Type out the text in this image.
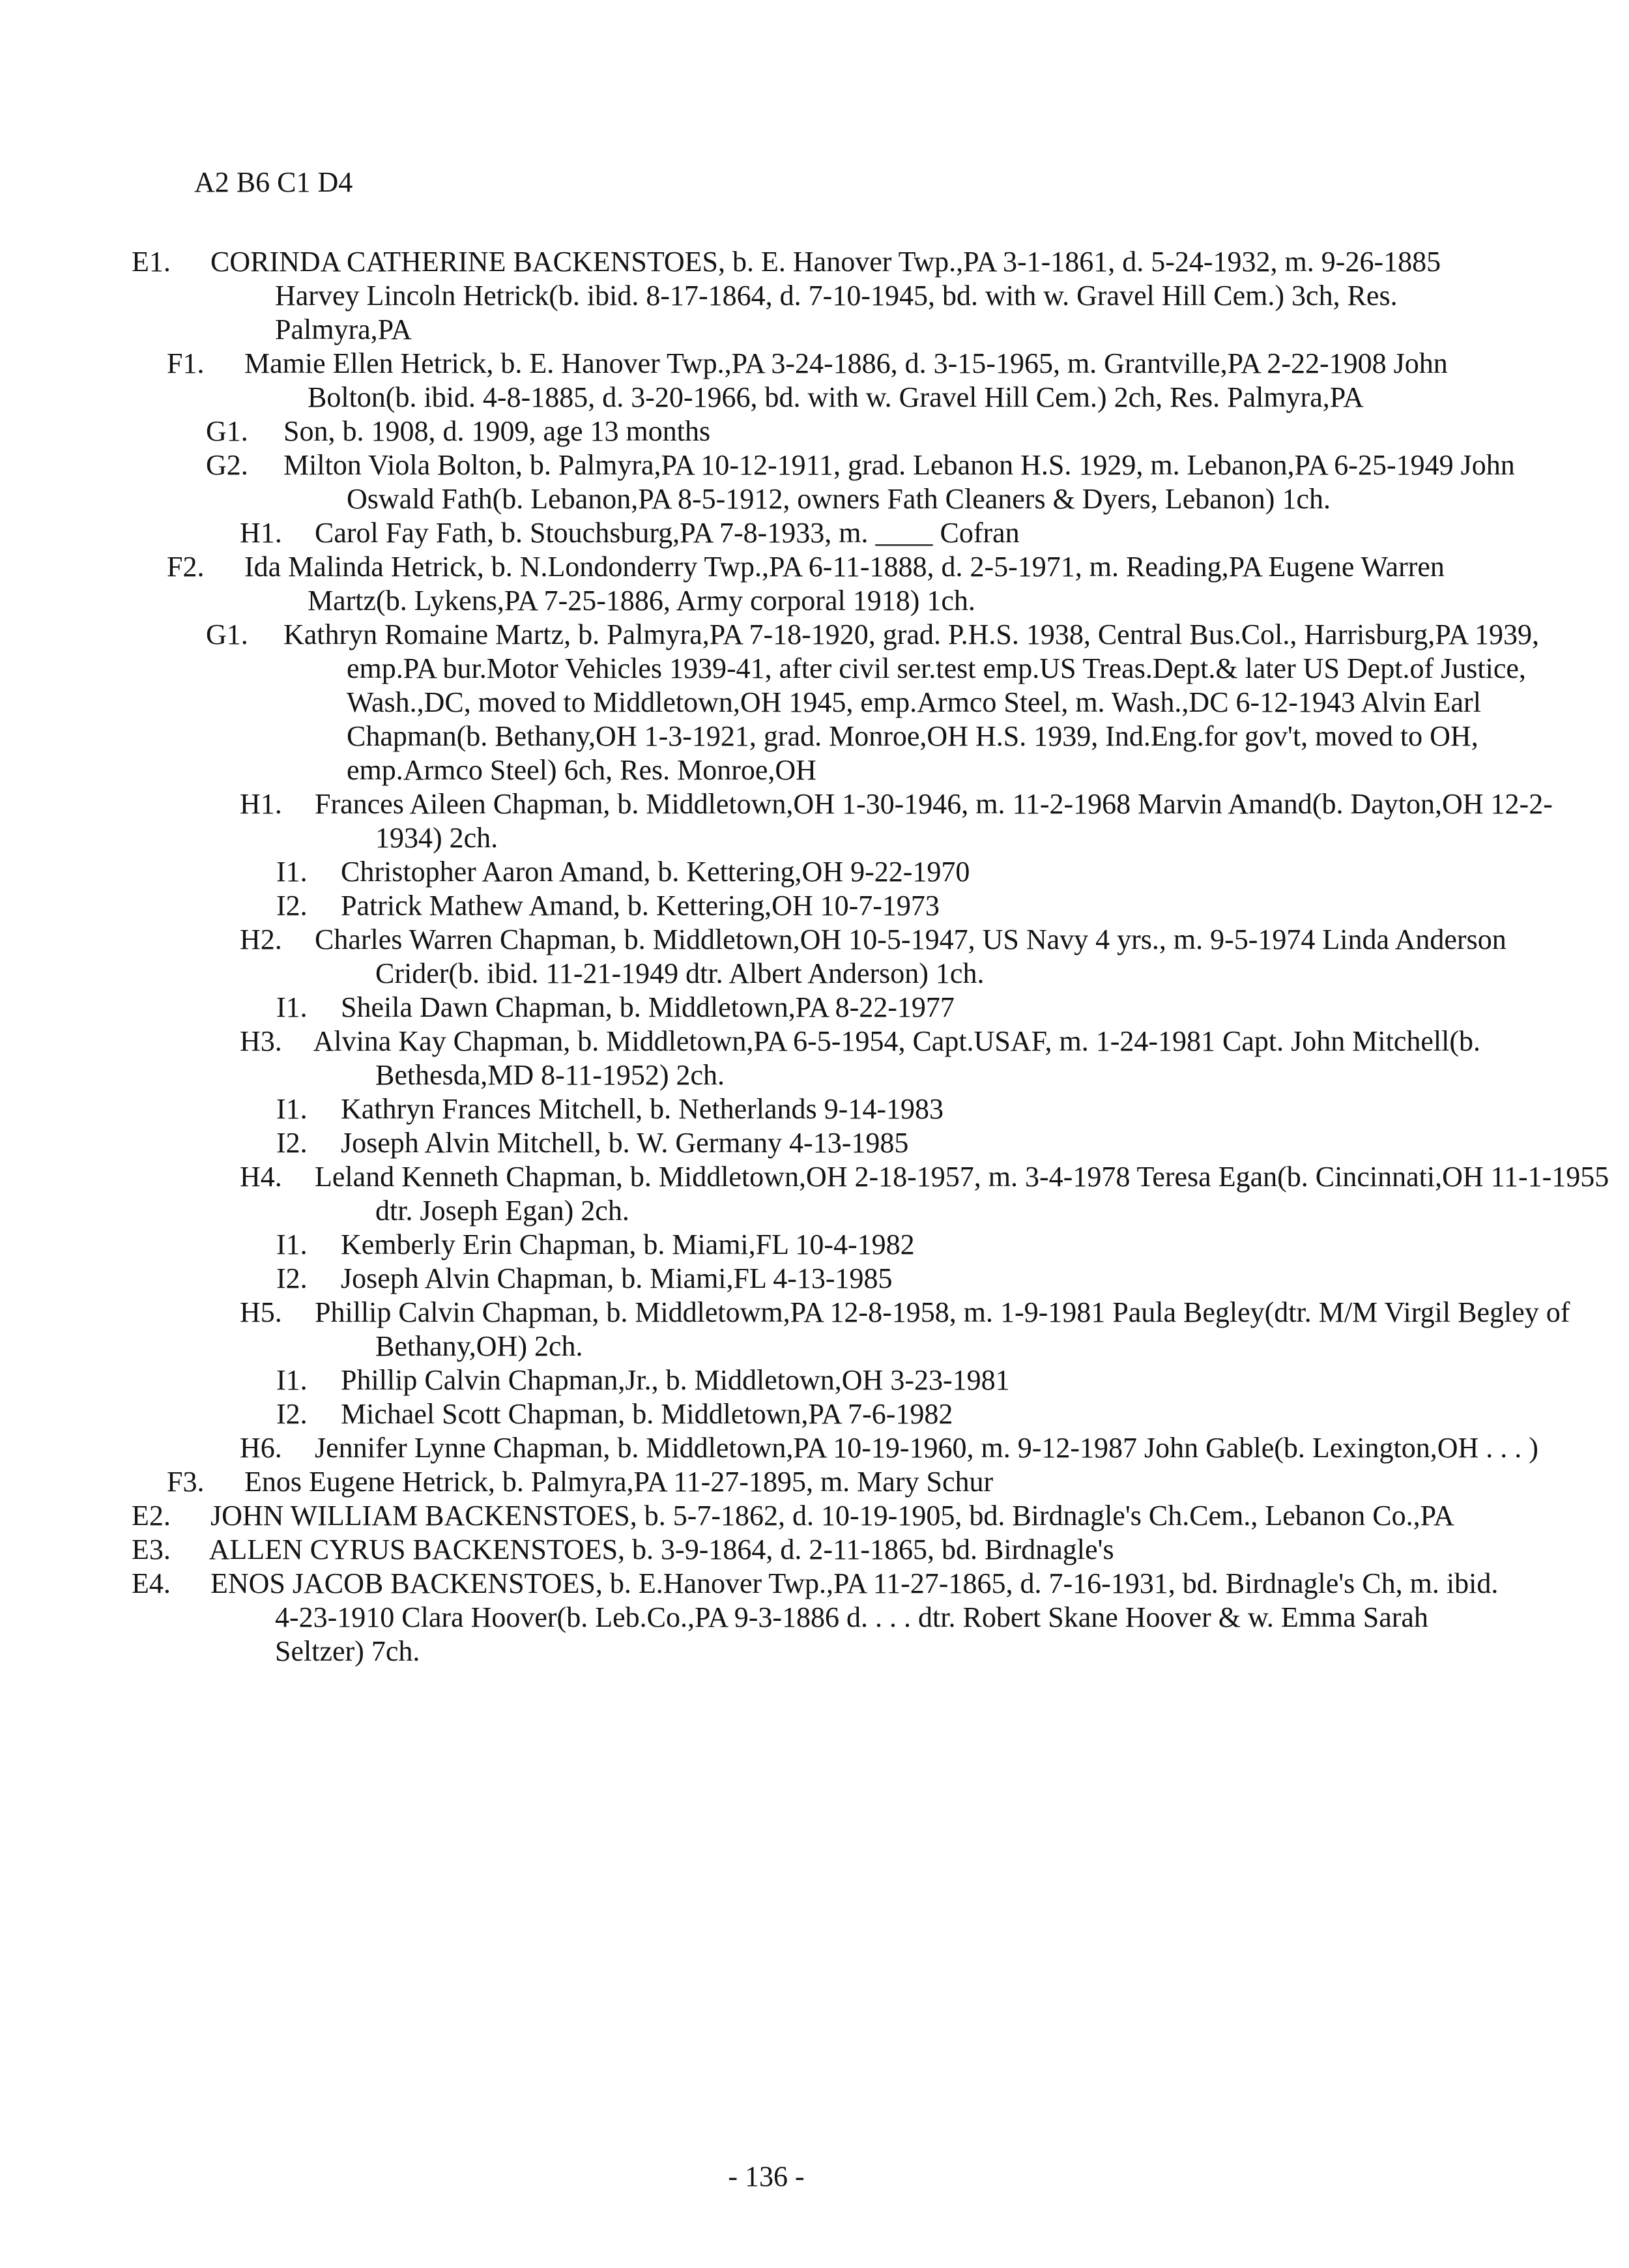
A2 B6 C1 D4
E1. CORINDA CATHERINE BACKENSTOES, b. E. Hanover Twp.,PA 3-1-1861, d. 5-24-1932, m. 9-26-1885 Harvey Lincoln Hetrick(b. ibid. 8-17-1864, d. 7-10-1945, bd. with w. Gravel Hill Cem.) 3ch, Res. Palmyra,PA
F1. Mamie Ellen Hetrick, b. E. Hanover Twp.,PA 3-24-1886, d. 3-15-1965, m. Grantville,PA 2-22-1908 John Bolton(b. ibid. 4-8-1885, d. 3-20-1966, bd. with w. Gravel Hill Cem.) 2ch, Res. Palmyra,PA
G1. Son, b. 1908, d. 1909, age 13 months
G2. Milton Viola Bolton, b. Palmyra,PA 10-12-1911, grad. Lebanon H.S. 1929, m. Lebanon,PA 6-25-1949 John Oswald Fath(b. Lebanon,PA 8-5-1912, owners Fath Cleaners & Dyers, Lebanon) 1ch.
H1. Carol Fay Fath, b. Stouchsburg,PA 7-8-1933, m. ____ Cofran
F2. Ida Malinda Hetrick, b. N.Londonderry Twp.,PA 6-11-1888, d. 2-5-1971, m. Reading,PA Eugene Warren Martz(b. Lykens,PA 7-25-1886, Army corporal 1918) 1ch.
G1. Kathryn Romaine Martz, b. Palmyra,PA 7-18-1920, grad. P.H.S. 1938, Central Bus.Col., Harrisburg,PA 1939, emp.PA bur.Motor Vehicles 1939-41, after civil ser.test emp.US Treas.Dept.& later US Dept.of Justice, Wash.,DC, moved to Middletown,OH 1945, emp.Armco Steel, m. Wash.,DC 6-12-1943 Alvin Earl Chapman(b. Bethany,OH 1-3-1921, grad. Monroe,OH H.S. 1939, Ind.Eng.for gov't, moved to OH, emp.Armco Steel) 6ch, Res. Monroe,OH
H1. Frances Aileen Chapman, b. Middletown,OH 1-30-1946, m. 11-2-1968 Marvin Amand(b. Dayton,OH 12-2-1934) 2ch.
I1. Christopher Aaron Amand, b. Kettering,OH 9-22-1970
I2. Patrick Mathew Amand, b. Kettering,OH 10-7-1973
H2. Charles Warren Chapman, b. Middletown,OH 10-5-1947, US Navy 4 yrs., m. 9-5-1974 Linda Anderson Crider(b. ibid. 11-21-1949 dtr. Albert Anderson) 1ch.
I1. Sheila Dawn Chapman, b. Middletown,PA 8-22-1977
H3. Alvina Kay Chapman, b. Middletown,PA 6-5-1954, Capt.USAF, m. 1-24-1981 Capt. John Mitchell(b. Bethesda,MD 8-11-1952) 2ch.
I1. Kathryn Frances Mitchell, b. Netherlands 9-14-1983
I2. Joseph Alvin Mitchell, b. W. Germany 4-13-1985
H4. Leland Kenneth Chapman, b. Middletown,OH 2-18-1957, m. 3-4-1978 Teresa Egan(b. Cincinnati,OH 11-1-1955 dtr. Joseph Egan) 2ch.
I1. Kemberly Erin Chapman, b. Miami,FL 10-4-1982
I2. Joseph Alvin Chapman, b. Miami,FL 4-13-1985
H5. Phillip Calvin Chapman, b. Middletowm,PA 12-8-1958, m. 1-9-1981 Paula Begley(dtr. M/M Virgil Begley of Bethany,OH) 2ch.
I1. Phillip Calvin Chapman,Jr., b. Middletown,OH 3-23-1981
I2. Michael Scott Chapman, b. Middletown,PA 7-6-1982
H6. Jennifer Lynne Chapman, b. Middletown,PA 10-19-1960, m. 9-12-1987 John Gable(b. Lexington,OH . . . )
F3. Enos Eugene Hetrick, b. Palmyra,PA 11-27-1895, m. Mary Schur
E2. JOHN WILLIAM BACKENSTOES, b. 5-7-1862, d. 10-19-1905, bd. Birdnagle's Ch.Cem., Lebanon Co.,PA
E3. ALLEN CYRUS BACKENSTOES, b. 3-9-1864, d. 2-11-1865, bd. Birdnagle's
E4. ENOS JACOB BACKENSTOES, b. E.Hanover Twp.,PA 11-27-1865, d. 7-16-1931, bd. Birdnagle's Ch, m. ibid. 4-23-1910 Clara Hoover(b. Leb.Co.,PA 9-3-1886 d. . . . dtr. Robert Skane Hoover & w. Emma Sarah Seltzer) 7ch.
- 136 -
